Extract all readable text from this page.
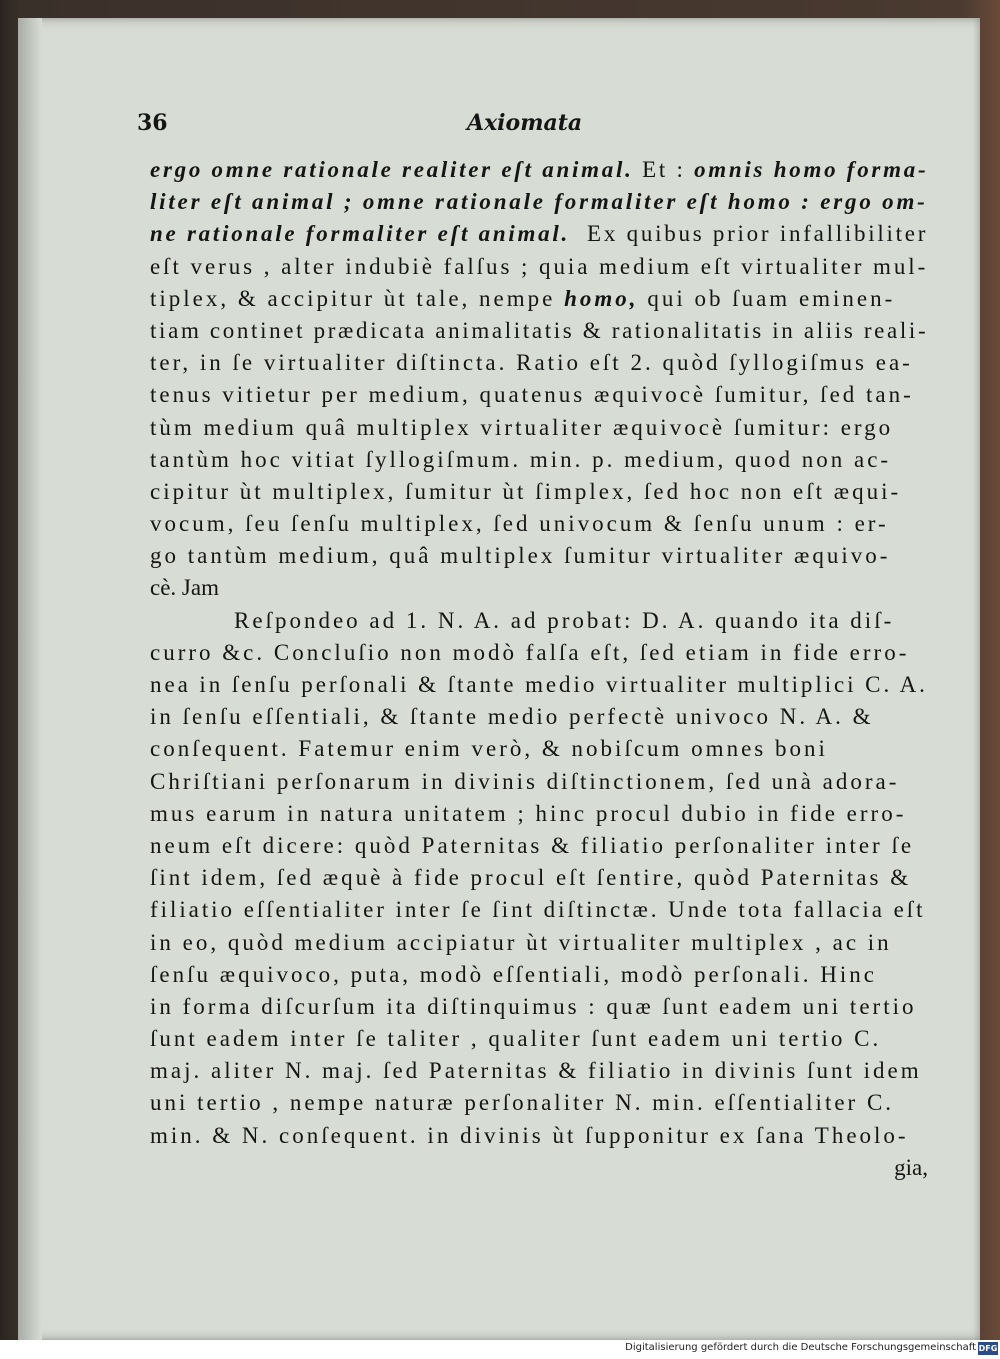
36	Axiomata
ergo omne rationale realiter eſt animal. Et : omnis homo forma-
liter eſt animal ; omne rationale formaliter eſt homo : ergo om-
ne rationale formaliter eſt animal.  Ex quibus prior infallibiliter
eſt verus , alter indubiè falſus ; quia medium eſt virtualiter mul-
tiplex, & accipitur ùt tale, nempe homo, qui ob ſuam eminen-
tiam continet prædicata animalitatis & rationalitatis in aliis reali-
ter, in ſe virtualiter diſtincta. Ratio eſt 2. quòd ſyllogiſmus ea-
tenus vitietur per medium, quatenus æquivocè ſumitur, ſed tan-
tùm medium quâ multiplex virtualiter æquivocè ſumitur: ergo
tantùm hoc vitiat ſyllogiſmum. min. p. medium, quod non ac-
cipitur ùt multiplex, ſumitur ùt ſimplex, ſed hoc non eſt æqui-
vocum, ſeu ſenſu multiplex, ſed univocum & ſenſu unum : er-
go tantùm medium, quâ multiplex ſumitur virtualiter æquivo-
cè. Jam
Reſpondeo ad 1. N. A. ad probat: D. A. quando ita diſ-
curro &c. Concluſio non modò falſa eſt, ſed etiam in fide erro-
nea in ſenſu perſonali & ſtante medio virtualiter multiplici C. A.
in ſenſu eſſentiali, & ſtante medio perfectè univoco N. A. &
conſequent. Fatemur enim verò, & nobiſcum omnes boni
Chriſtiani perſonarum in divinis diſtinctionem, ſed unà adora-
mus earum in natura unitatem ; hinc procul dubio in fide erro-
neum eſt dicere: quòd Paternitas & filiatio perſonaliter inter ſe
ſint idem, ſed æquè à fide procul eſt ſentire, quòd Paternitas &
filiatio eſſentialiter inter ſe ſint diſtinctæ. Unde tota fallacia eſt
in eo, quòd medium accipiatur ùt virtualiter multiplex , ac in
ſenſu æquivoco, puta, modò eſſentiali, modò perſonali. Hinc
in forma diſcurſum ita diſtinquimus : quæ ſunt eadem uni tertio
ſunt eadem inter ſe taliter , qualiter ſunt eadem uni tertio C.
maj. aliter N. maj. ſed Paternitas & filiatio in divinis ſunt idem
uni tertio , nempe naturæ perſonaliter N. min. eſſentialiter C.
min. & N. conſequent. in divinis ùt ſupponitur ex ſana Theolo-
gia,
Digitalisierung gefördert durch die Deutsche Forschungsgemeinschaft DFG
